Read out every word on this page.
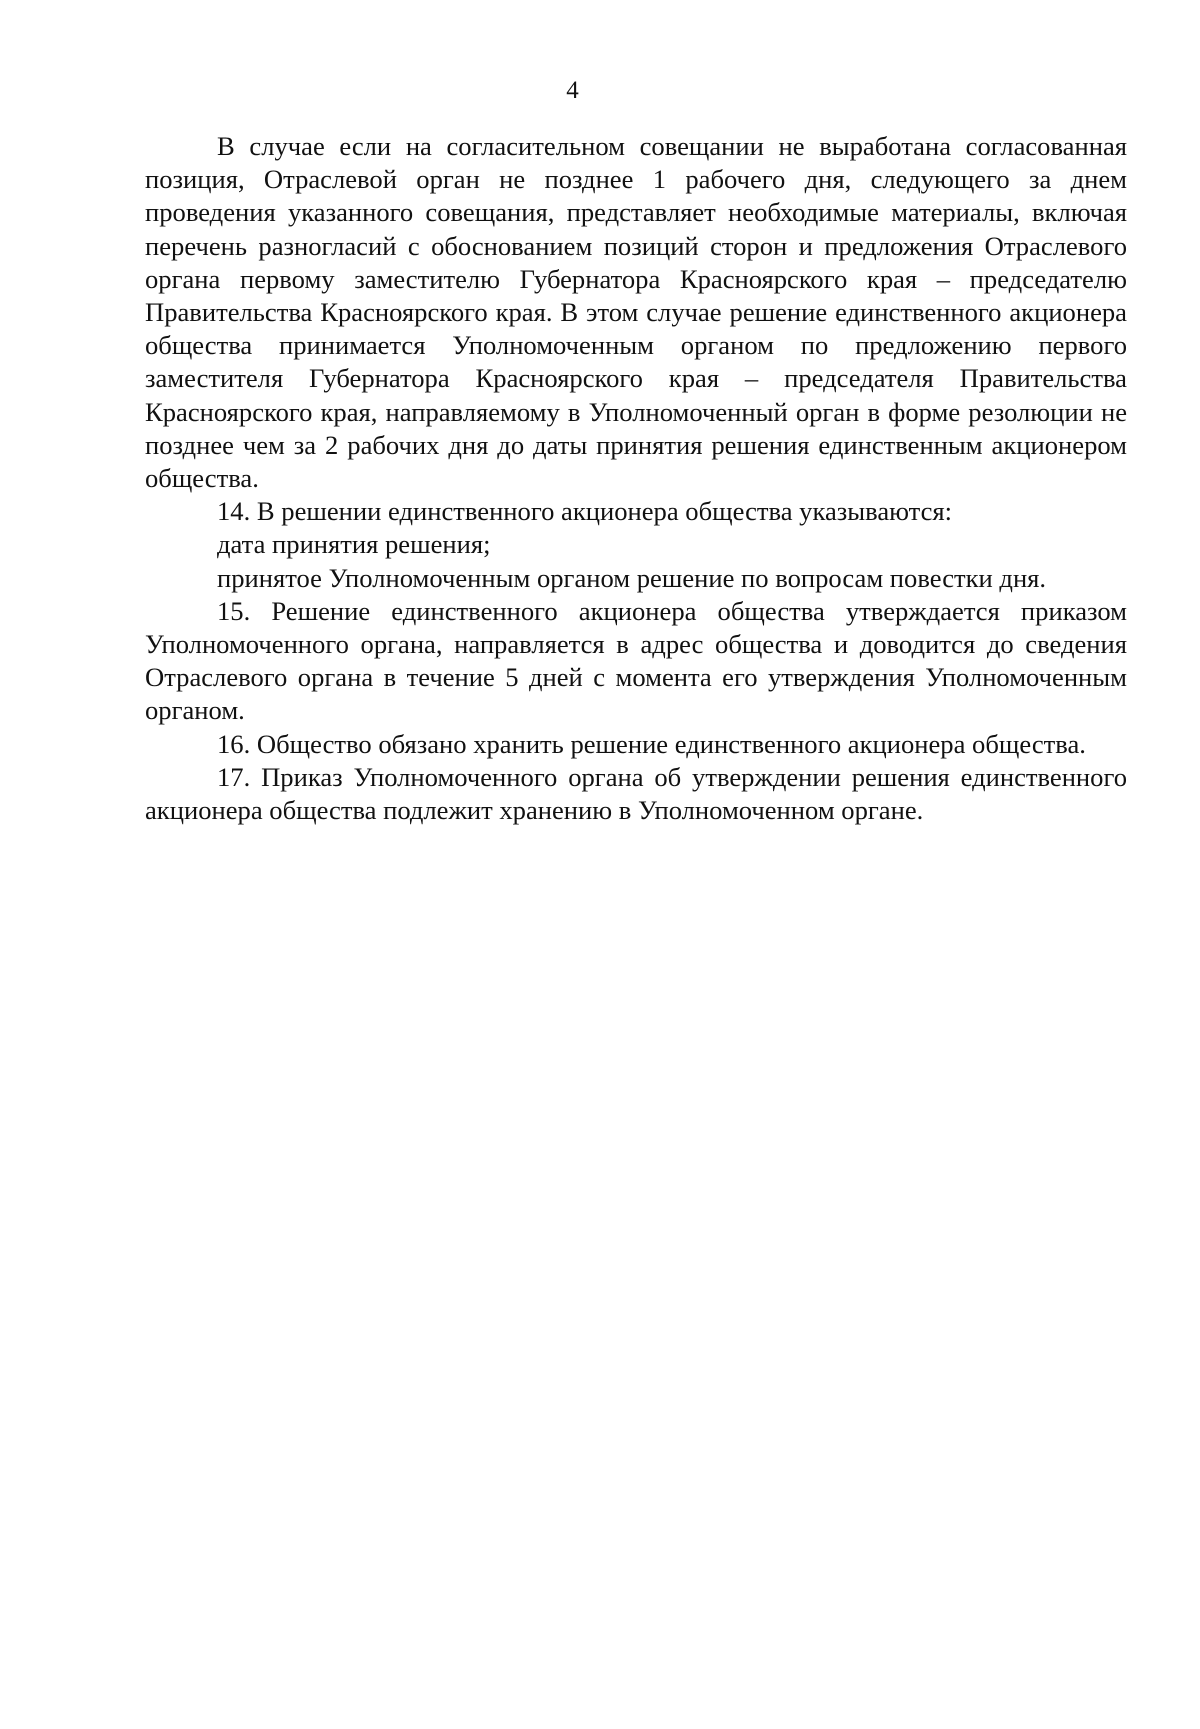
4

В случае если на согласительном совещании не выработана согласованная позиция, Отраслевой орган не позднее 1 рабочего дня, следующего за днем проведения указанного совещания, представляет необходимые материалы, включая перечень разногласий с обоснованием позиций сторон и предложения Отраслевого органа первому заместителю Губернатора Красноярского края – председателю Правительства Красноярского края. В этом случае решение единственного акционера общества принимается Уполномоченным органом по предложению первого заместителя Губернатора Красноярского края – председателя Правительства Красноярского края, направляемому в Уполномоченный орган в форме резолюции не позднее чем за 2 рабочих дня до даты принятия решения единственным акционером общества.

14. В решении единственного акционера общества указываются:

дата принятия решения;

принятое Уполномоченным органом решение по вопросам повестки дня.

15. Решение единственного акционера общества утверждается приказом Уполномоченного органа, направляется в адрес общества и доводится до сведения Отраслевого органа в течение 5 дней с момента его утверждения Уполномоченным органом.

16. Общество обязано хранить решение единственного акционера общества.

17. Приказ Уполномоченного органа об утверждении решения единственного акционера общества подлежит хранению в Уполномоченном органе.
